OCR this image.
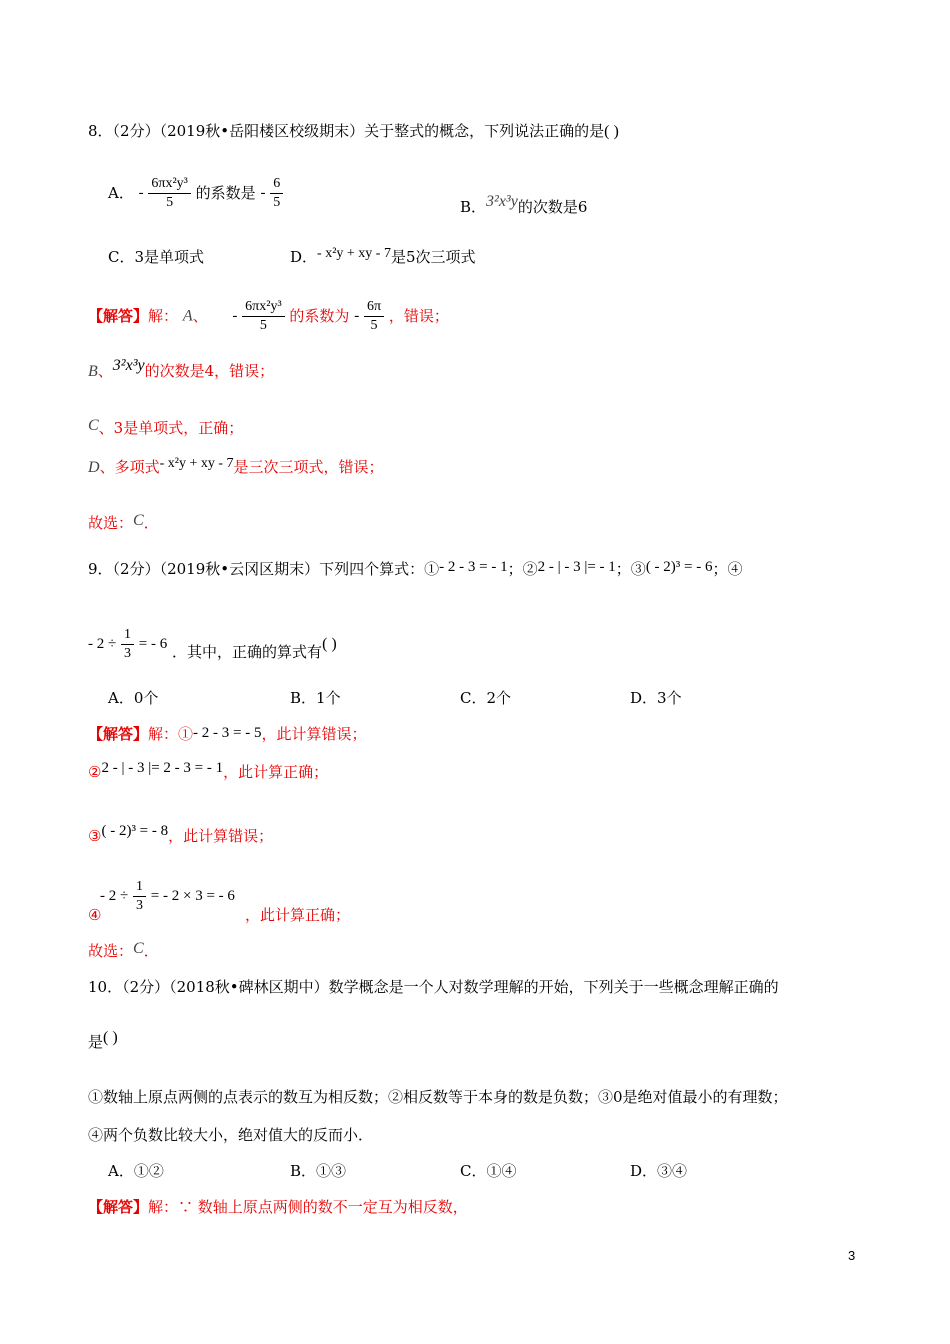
8．（2分）（2019秋•岳阳楼区校级期末）关于整式的概念，下列说法正确的是( )
A． - $\frac{\text{6πx²y³}}{5}$ 的系数是 - $\frac{6}{5}$	B．3²x³y的次数是6
C．3是单项式	D．- x²y + xy - 7是5次三项式
【解答】解： A、 - $\frac{\text{6πx²y³}}{5}$ 的系数为 - $\frac{6\pi}{5}$ ，错误；
B、3²x³y的次数是4，错误；
C、3是单项式，正确；
D、多项式- x²y + xy - 7是三次三项式，错误；
故选：C．
9．（2分）（2019秋•云冈区期末）下列四个算式：①- 2 - 3 = - 1；②2 - | - 3 |= - 1；③( - 2)³ = - 6；④
- $2 \div \frac{1}{3}$ = - 6 ．其中，正确的算式有( )
A．0个	B．1个	C．2个	D．3个
【解答】解：①- 2 - 3 = - 5，此计算错误；
②2 - | - 3 |= 2 - 3 = - 1，此计算正确；
③( - 2)³ = - 8，此计算错误；
- $2 \div \frac{1}{3}$ = - 2 × 3 = - 6
④	，此计算正确；
故选：C．
10．（2分）（2018秋•碑林区期中）数学概念是一个人对数学理解的开始，下列关于一些概念理解正确的
是( )
①数轴上原点两侧的点表示的数互为相反数；②相反数等于本身的数是负数；③0是绝对值最小的有理数；
④两个负数比较大小，绝对值大的反而小．
A．①②	B．①③	C．①④	D．③④
【解答】解：∵ 数轴上原点两侧的数不一定互为相反数，
3
